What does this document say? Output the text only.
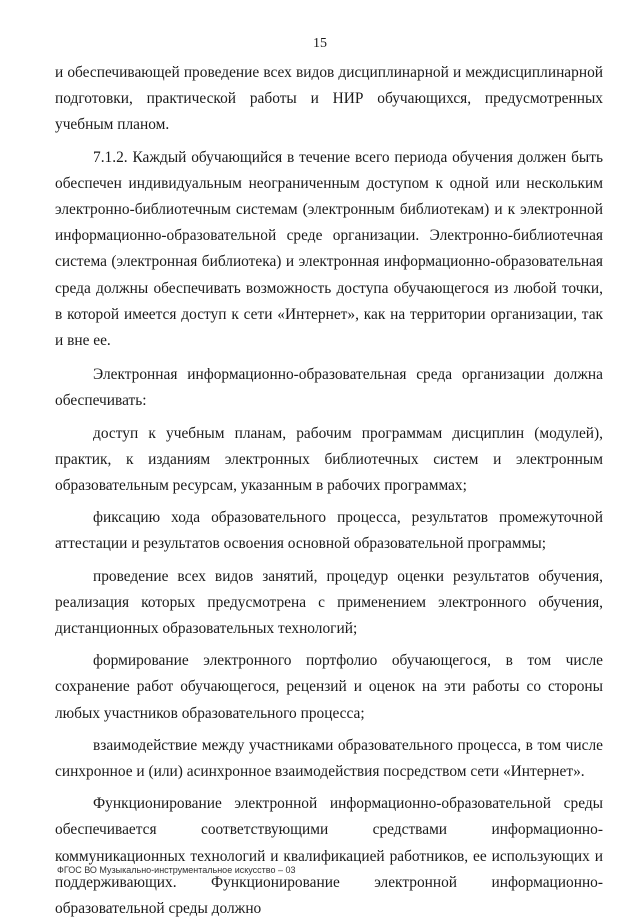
15

и обеспечивающей проведение всех видов дисциплинарной и междисциплинарной подготовки, практической работы и НИР обучающихся, предусмотренных учебным планом.

7.1.2. Каждый обучающийся в течение всего периода обучения должен быть обеспечен индивидуальным неограниченным доступом к одной или нескольким электронно-библиотечным системам (электронным библиотекам) и к электронной информационно-образовательной среде организации. Электронно-библиотечная система (электронная библиотека) и электронная информационно-образовательная среда должны обеспечивать возможность доступа обучающегося из любой точки, в которой имеется доступ к сети «Интернет», как на территории организации, так и вне ее.

Электронная информационно-образовательная среда организации должна обеспечивать:

доступ к учебным планам, рабочим программам дисциплин (модулей), практик, к изданиям электронных библиотечных систем и электронным образовательным ресурсам, указанным в рабочих программах;

фиксацию хода образовательного процесса, результатов промежуточной аттестации и результатов освоения основной образовательной программы;

проведение всех видов занятий, процедур оценки результатов обучения, реализация которых предусмотрена с применением электронного обучения, дистанционных образовательных технологий;

формирование электронного портфолио обучающегося, в том числе сохранение работ обучающегося, рецензий и оценок на эти работы со стороны любых участников образовательного процесса;

взаимодействие между участниками образовательного процесса, в том числе синхронное и (или) асинхронное взаимодействия посредством сети «Интернет».

Функционирование электронной информационно-образовательной среды обеспечивается соответствующими средствами информационно-коммуникационных технологий и квалификацией работников, ее использующих и поддерживающих. Функционирование электронной информационно-образовательной среды должно

ФГОС ВО Музыкально-инструментальное искусство – 03
